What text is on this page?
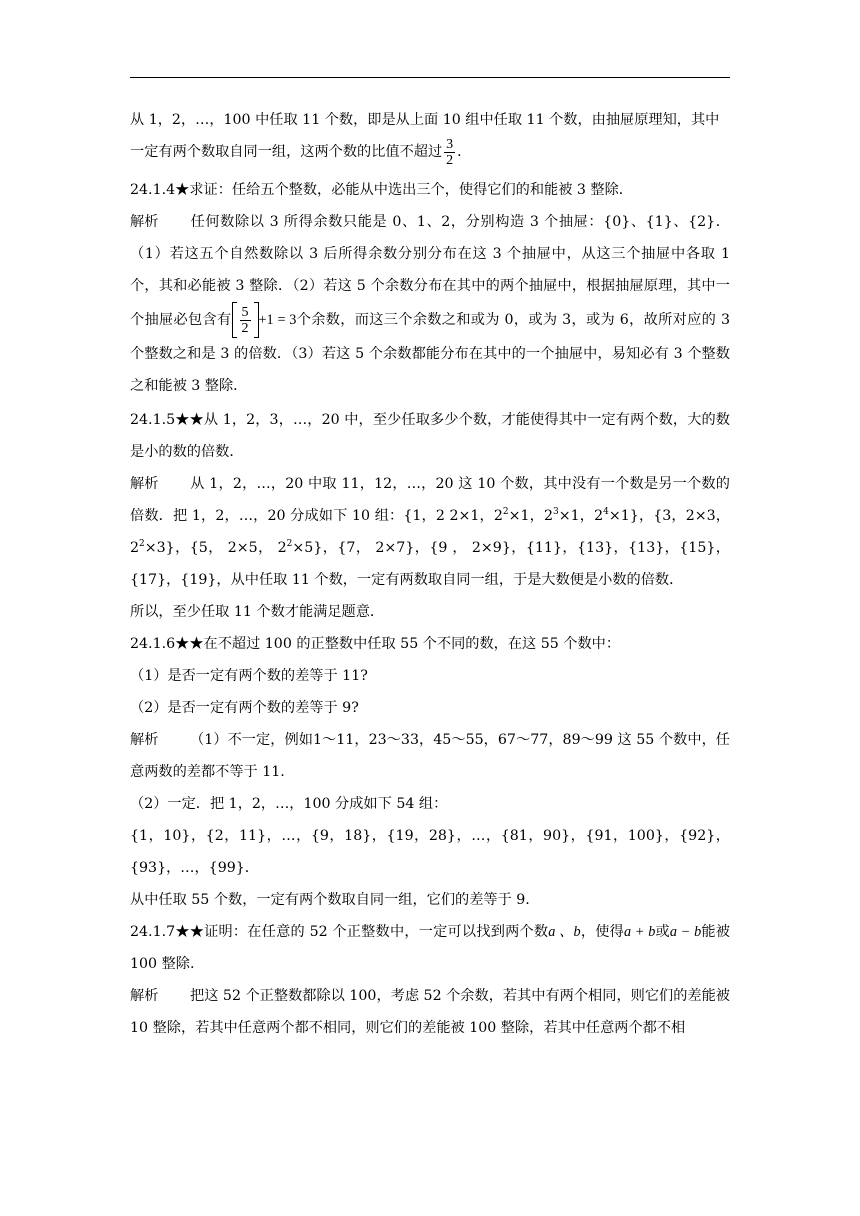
从 1，2，…，100 中任取 11 个数，即是从上面 10 组中任取 11 个数，由抽屉原理知，其中

一定有两个数取自同一组，这两个数的比值不超过 $\frac{3}{2}$ ．

24.1.4★求证：任给五个整数，必能从中选出三个，使得它们的和能被 3 整除．

解析 任何数除以 3 所得余数只能是 0、1、2，分别构造 3 个抽屉：{0}、{1}、{2}．（1）若这五个自然数除以 3 后所得余数分别分布在这 3 个抽屉中，从这三个抽屉中各取 1 个，其和必能被 3 整除．（2）若这 5 个余数分布在其中的两个抽屉中，根据抽屉原理，其中一个抽屉必包含有 $\frac{5}{2} +1 = 3$个余数，而这三个余数之和或为 0，或为 3，或为 6，故所对应的 3 个整数之和是 3 的倍数．（3）若这 5 个余数都能分布在其中的一个抽屉中，易知必有 3 个整数之和能被 3 整除．

24.1.5★★从 1，2，3，…，20 中，至少任取多少个数，才能使得其中一定有两个数，大的数是小的数的倍数．

解析 从 1，2，…，20 中取 11，12，…，20 这 10 个数，其中没有一个数是另一个数的倍数．把 1，2，…，20 分成如下 10 组：{1，2 2×1，$2^2\times 1$，$2^3\times 1$，$2^4\times 1$}，{3，2×3，$2^2\times 3$}，{5， 2×5， $2^2\times 5$}，{7， 2×7}，{9 ， 2×9}，{11}，{13}，{13}，{15}，{17}，{19}，从中任取 11 个数，一定有两数取自同一组，于是大数便是小数的倍数．

所以，至少任取 11 个数才能满足题意．

24.1.6★★在不超过 100 的正整数中任取 55 个不同的数，在这 55 个数中：

（1）是否一定有两个数的差等于 11?

（2）是否一定有两个数的差等于 9?

解析 （1）不一定，例如1～11，23～33，45～55，67～77，89～99 这 55 个数中，任意两数的差都不等于 11.

（2）一定．把 1，2，…，100 分成如下 54 组：

{1，10}，{2，11}，…，{9，18}，{19，28}，…，{81，90}，{91，100}，{92}，{93}，…，{99}．

从中任取 55 个数，一定有两个数取自同一组，它们的差等于 9.

24.1.7★★证明：在任意的 52 个正整数中，一定可以找到两个数a 、b，使得a + b或a − b能被 100 整除.

解析 把这 52 个正整数都除以 100，考虑 52 个余数，若其中有两个相同，则它们的差能被 10 整除，若其中任意两个都不相同，则它们的差能被 100 整除，若其中任意两个都不相
